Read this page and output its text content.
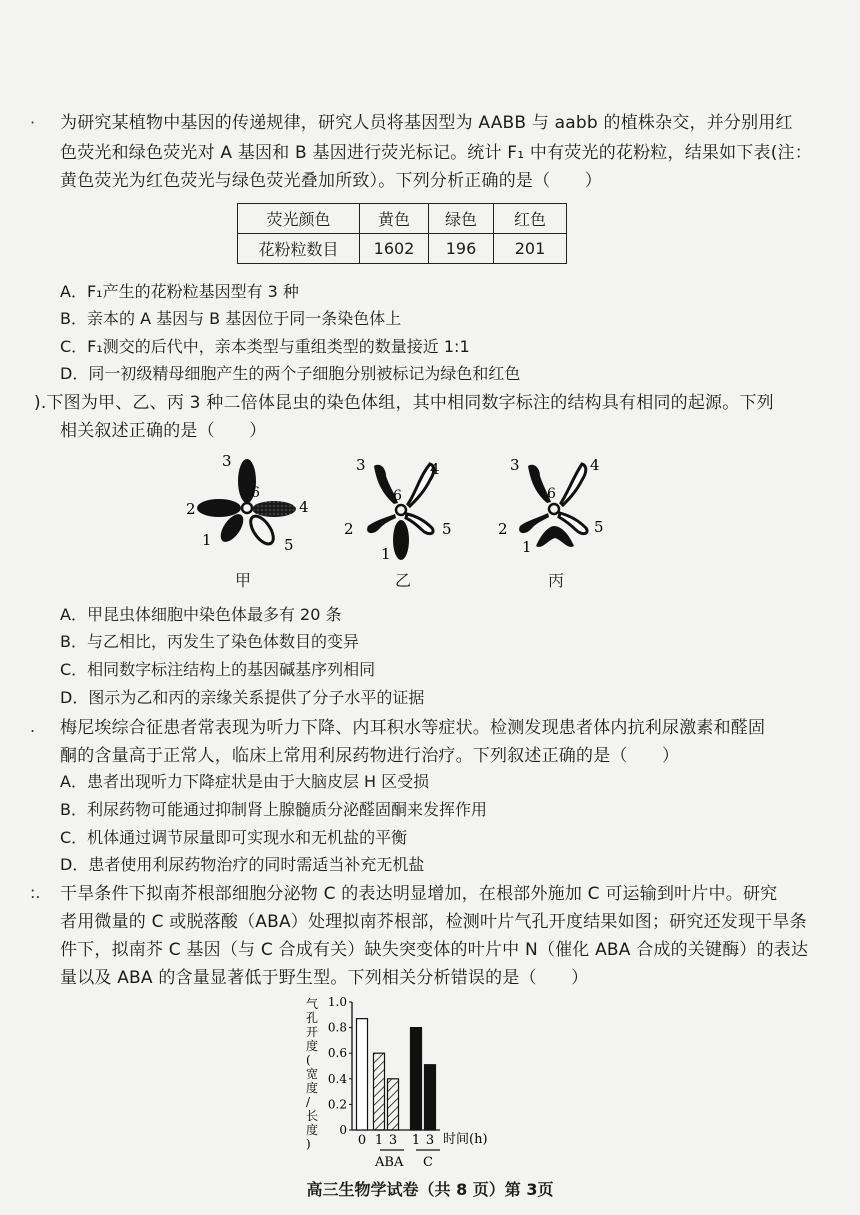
·
.
:.
为研究某植物中基因的传递规律，研究人员将基因型为 AABB 与 aabb 的植株杂交，并分别用红
色荧光和绿色荧光对 A 基因和 B 基因进行荧光标记。统计 F₁ 中有荧光的花粉粒，结果如下表(注：
黄色荧光为红色荧光与绿色荧光叠加所致）。下列分析正确的是（　　）
荧光颜色	黄色	绿色	红色
花粉粒数目	1602	196	201
A．F₁产生的花粉粒基因型有 3 种
B．亲本的 A 基因与 B 基因位于同一条染色体上
C．F₁测交的后代中，亲本类型与重组类型的数量接近 1:1
D．同一初级精母细胞产生的两个子细胞分别被标记为绿色和红色
).下图为甲、乙、丙 3 种二倍体昆虫的染色体组，其中相同数字标注的结构具有相同的起源。下列
相关叙述正确的是（　　）
3
6
2	4
1	5
3
6
4
2	5
1
3
6
4
2	5
1
甲	乙	丙
A．甲昆虫体细胞中染色体最多有 20 条
B．与乙相比，丙发生了染色体数目的变异
C．相同数字标注结构上的基因碱基序列相同
D．图示为乙和丙的亲缘关系提供了分子水平的证据
梅尼埃综合征患者常表现为听力下降、内耳积水等症状。检测发现患者体内抗利尿激素和醛固
酮的含量高于正常人，临床上常用利尿药物进行治疗。下列叙述正确的是（　　）
A．患者出现听力下降症状是由于大脑皮层 H 区受损
B．利尿药物可能通过抑制肾上腺髓质分泌醛固酮来发挥作用
C．机体通过调节尿量即可实现水和无机盐的平衡
D．患者使用利尿药物治疗的同时需适当补充无机盐
干旱条件下拟南芥根部细胞分泌物 C 的表达明显增加，在根部外施加 C 可运输到叶片中。研究
者用微量的 C 或脱落酸（ABA）处理拟南芥根部，检测叶片气孔开度结果如图；研究还发现干旱条
件下，拟南芥 C 基因（与 C 合成有关）缺失突变体的叶片中 N（催化 ABA 合成的关键酶）的表达
量以及 ABA 的含量显著低于野生型。下列相关分析错误的是（　　）
气
孔
开
度
(
宽
度
/
长
度
)
0
0.2
0.4
0.6
0.8
1.0
0 1 3 1 3 时间(h)
ABA C
高三生物学试卷（共 8 页）第 3页
